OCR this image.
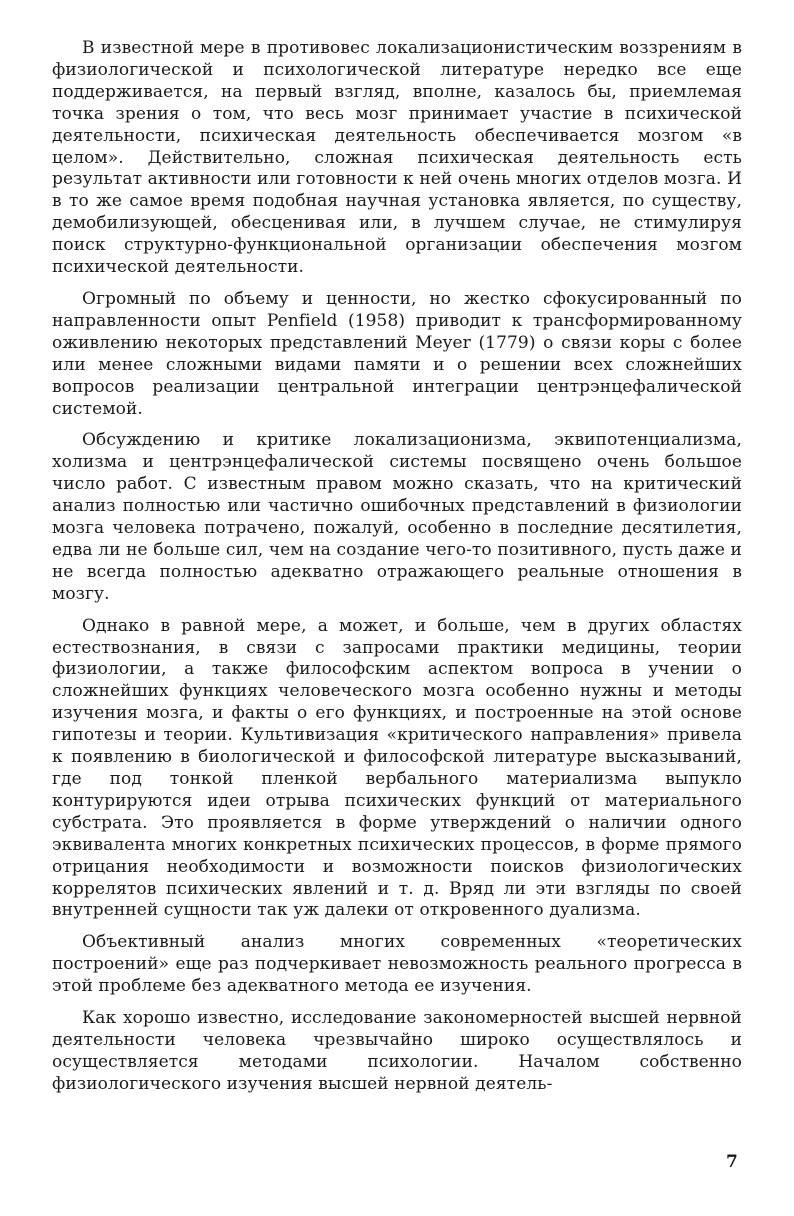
В известной мере в противовес локализационистическим воззрениям в физиологической и психологической литературе нередко все еще поддерживается, на первый взгляд, вполне, казалось бы, приемлемая точка зрения о том, что весь мозг принимает участие в психической деятельности, психическая деятельность обеспечивается мозгом «в целом». Действительно, сложная психическая деятельность есть результат активности или готовности к ней очень многих отделов мозга. И в то же самое время подобная научная установка является, по существу, демобилизующей, обесценивая или, в лучшем случае, не стимулируя поиск структурно-функциональной организации обеспечения мозгом психической деятельности.

Огромный по объему и ценности, но жестко сфокусированный по направленности опыт Penfield (1958) приводит к трансформированному оживлению некоторых представлений Meyer (1779) о связи коры с более или менее сложными видами памяти и о решении всех сложнейших вопросов реализации центральной интеграции центрэнцефалической системой.

Обсуждению и критике локализационизма, эквипотенциализма, холизма и центрэнцефалической системы посвящено очень большое число работ. С известным правом можно сказать, что на критический анализ полностью или частично ошибочных представлений в физиологии мозга человека потрачено, пожалуй, особенно в последние десятилетия, едва ли не больше сил, чем на создание чего-то позитивного, пусть даже и не всегда полностью адекватно отражающего реальные отношения в мозгу.

Однако в равной мере, а может, и больше, чем в других областях естествознания, в связи с запросами практики медицины, теории физиологии, а также философским аспектом вопроса в учении о сложнейших функциях человеческого мозга особенно нужны и методы изучения мозга, и факты о его функциях, и построенные на этой основе гипотезы и теории. Культивизация «критического направления» привела к появлению в биологической и философской литературе высказываний, где под тонкой пленкой вербального материализма выпукло контурируются идеи отрыва психических функций от материального субстрата. Это проявляется в форме утверждений о наличии одного эквивалента многих конкретных психических процессов, в форме прямого отрицания необходимости и возможности поисков физиологических коррелятов психических явлений и т. д. Вряд ли эти взгляды по своей внутренней сущности так уж далеки от откровенного дуализма.

Объективный анализ многих современных «теоретических построений» еще раз подчеркивает невозможность реального прогресса в этой проблеме без адекватного метода ее изучения.

Как хорошо известно, исследование закономерностей высшей нервной деятельности человека чрезвычайно широко осуществлялось и осуществляется методами психологии. Началом собственно физиологического изучения высшей нервной деятель-

7
